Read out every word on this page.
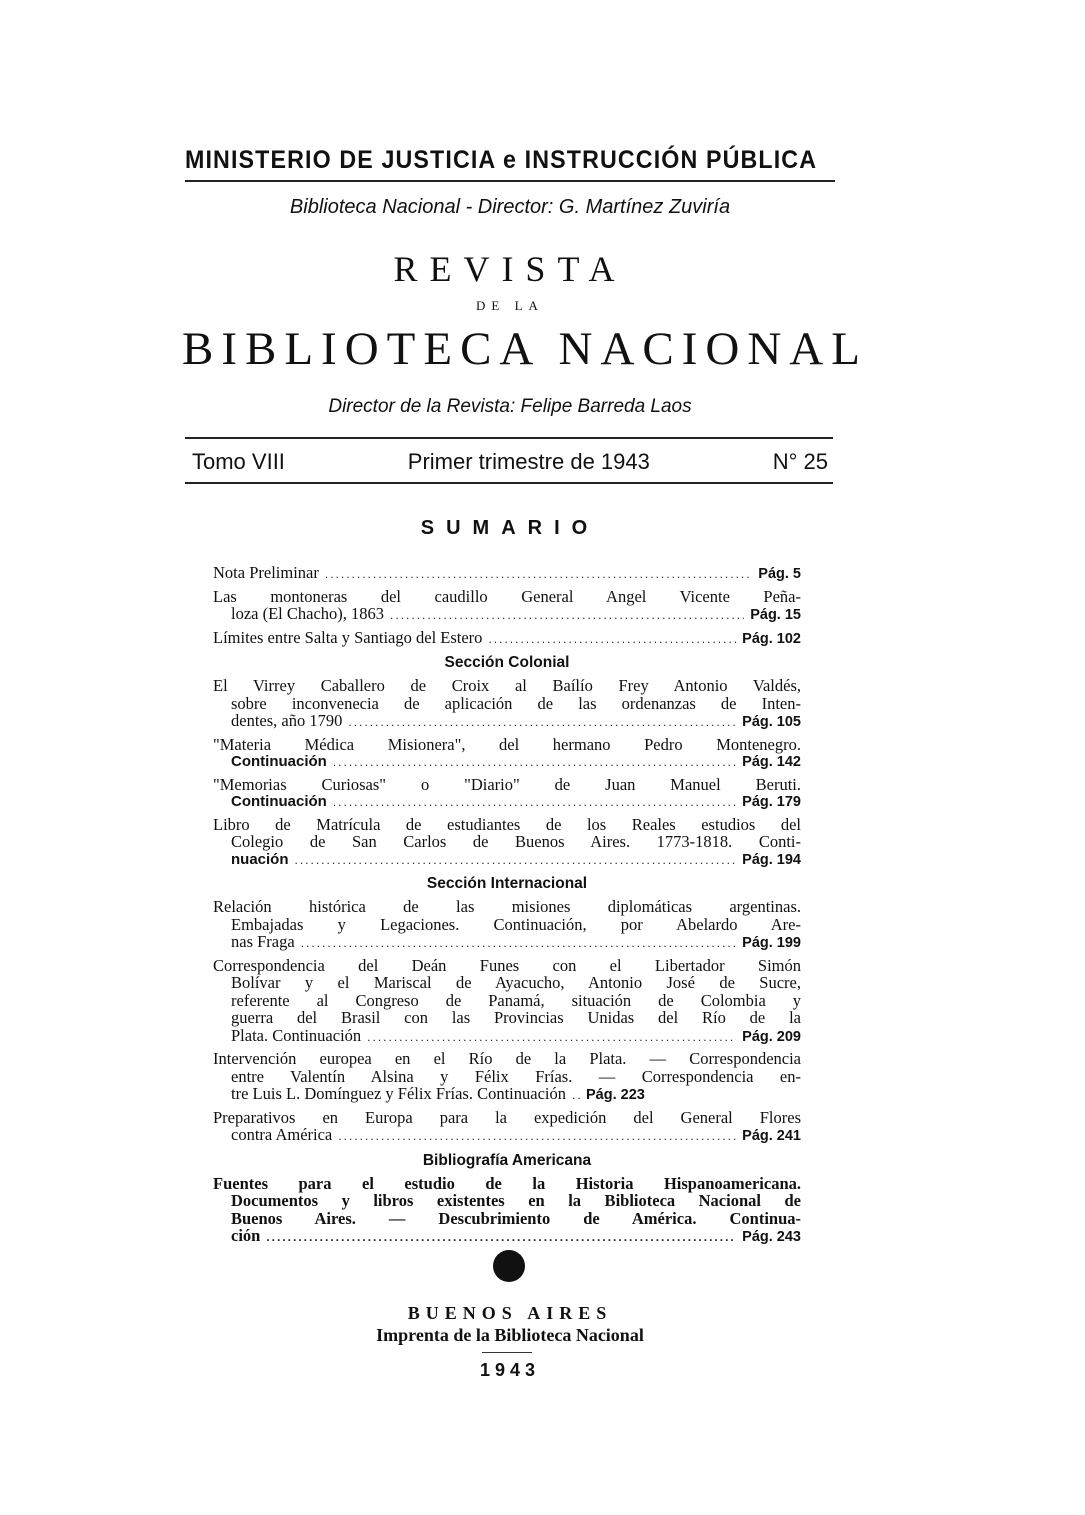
MINISTERIO DE JUSTICIA e INSTRUCCIÓN PÚBLICA
Biblioteca Nacional - Director: G. Martínez Zuviría
REVISTA
DE LA
BIBLIOTECA NACIONAL
Director de la Revista: Felipe Barreda Laos
Tomo VIII	Primer trimestre de 1943	N° 25
SUMARIO
Nota Preliminar .....	Pág. 5
Las montoneras del caudillo General Angel Vicente Peña-
loza (El Chacho), 1863 .....	Pág. 15
Límites entre Salta y Santiago del Estero .....	Pág. 102
Sección Colonial
El Virrey Caballero de Croix al Baílío Frey Antonio Valdés,
sobre inconvenecia de aplicación de las ordenanzas de Inten-
dentes, año 1790 .....	Pág. 105
"Materia Médica Misionera", del hermano Pedro Montenegro.
Continuación .....	Pág. 142
"Memorias Curiosas" o "Diario" de Juan Manuel Beruti.
Continuación .....	Pág. 179
Libro de Matrícula de estudiantes de los Reales estudios del
Colegio de San Carlos de Buenos Aires. 1773-1818. Conti-
nuación .....	Pág. 194
Sección Internacional
Relación histórica de las misiones diplomáticas argentinas.
Embajadas y Legaciones. Continuación, por Abelardo Are-
nas Fraga .....	Pág. 199
Correspondencia del Deán Funes con el Libertador Simón
Bolívar y el Mariscal de Ayacucho, Antonio José de Sucre,
referente al Congreso de Panamá, situación de Colombia y
guerra del Brasil con las Provincias Unidas del Río de la
Plata. Continuación .....	Pág. 209
Intervención europea en el Río de la Plata. — Correspondencia
entre Valentín Alsina y Félix Frías. — Correspondencia en-
tre Luis L. Domínguez y Félix Frías. Continuación ..... Pág. 223
Preparativos en Europa para la expedición del General Flores
contra América .....	Pág. 241
Bibliografía Americana
Fuentes para el estudio de la Historia Hispanoamericana.
Documentos y libros existentes en la Biblioteca Nacional de
Buenos Aires. — Descubrimiento de América. Continua-
ción .....	Pág. 243
BUENOS AIRES
Imprenta de la Biblioteca Nacional
1943
